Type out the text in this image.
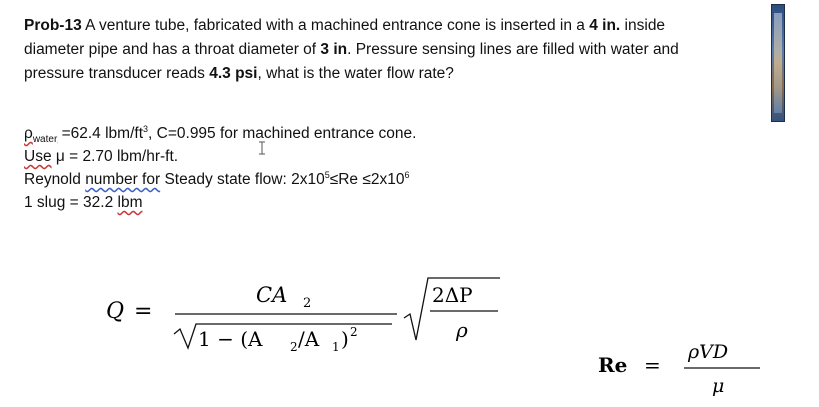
Prob-13 A venture tube, fabricated with a machined entrance cone is inserted in a 4 in. inside diameter pipe and has a throat diameter of 3 in. Pressure sensing lines are filled with water and pressure transducer reads 4.3 psi, what is the water flow rate?
$\rho_{water} =62.4$ lbm/$ft^3$, C=0.995 for machined entrance cone.
Use μ = 2.70 lbm/hr-ft.
Reynold number for Steady state flow: $2x10^5\le Re \le 2x10^6$
1 slug = 32.2 lbm
Q =
CA 2
1 − (A 2 /A 1 ) 2
2ΔP
ρ
Re =
ρVD
μ
